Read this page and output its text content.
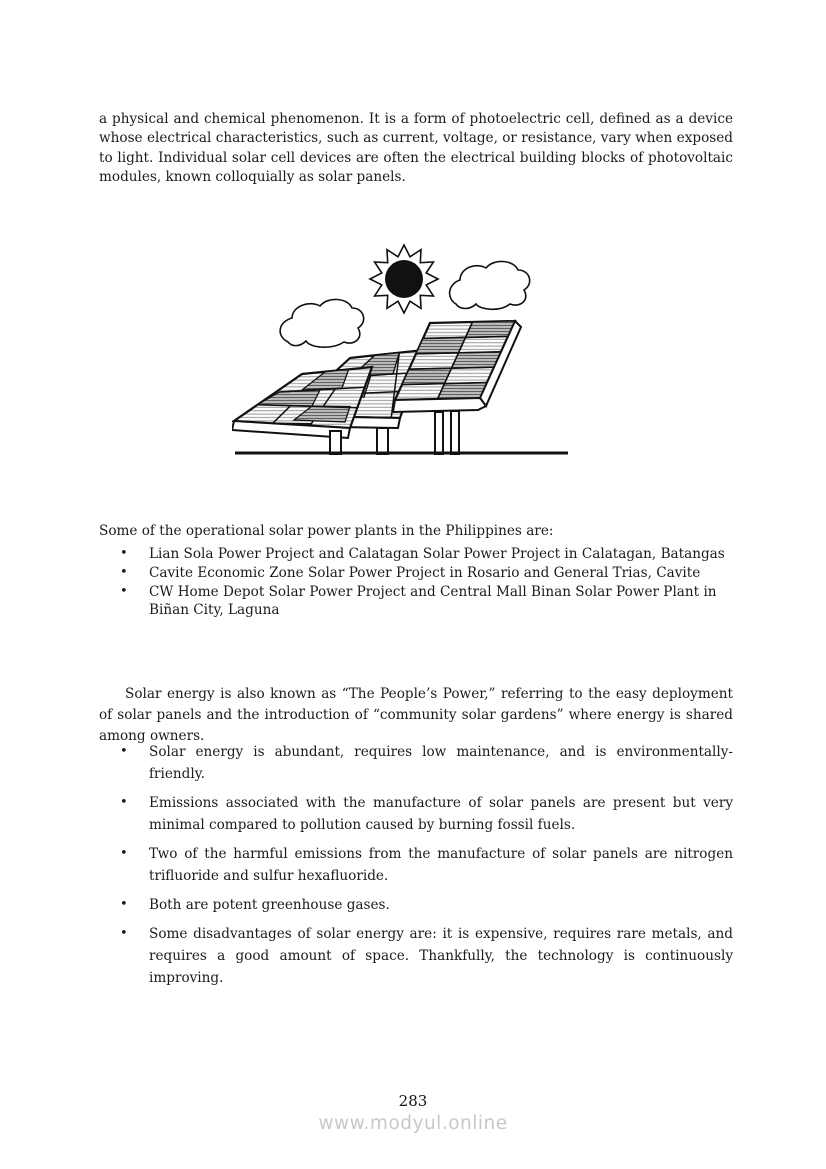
a physical and chemical phenomenon. It is a form of photoelectric cell, defined as a device whose electrical characteristics, such as current, voltage, or resistance, vary when exposed to light. Individual solar cell devices are often the electrical building blocks of photovoltaic modules, known colloquially as solar panels.

Some of the operational solar power plants in the Philippines are:

• Lian Sola Power Project and Calatagan Solar Power Project in Calatagan, Batangas
• Cavite Economic Zone Solar Power Project in Rosario and General Trias, Cavite
• CW Home Depot Solar Power Project and Central Mall Binan Solar Power Plant in Biñan City, Laguna

Solar energy is also known as “The People’s Power,” referring to the easy deployment of solar panels and the introduction of “community solar gardens” where energy is shared among owners.

• Solar energy is abundant, requires low maintenance, and is environmentally-friendly.
• Emissions associated with the manufacture of solar panels are present but very minimal compared to pollution caused by burning fossil fuels.
• Two of the harmful emissions from the manufacture of solar panels are nitrogen trifluoride and sulfur hexafluoride.
• Both are potent greenhouse gases.
• Some disadvantages of solar energy are: it is expensive, requires rare metals, and requires a good amount of space. Thankfully, the technology is continuously improving.
283
www.modyul.online
